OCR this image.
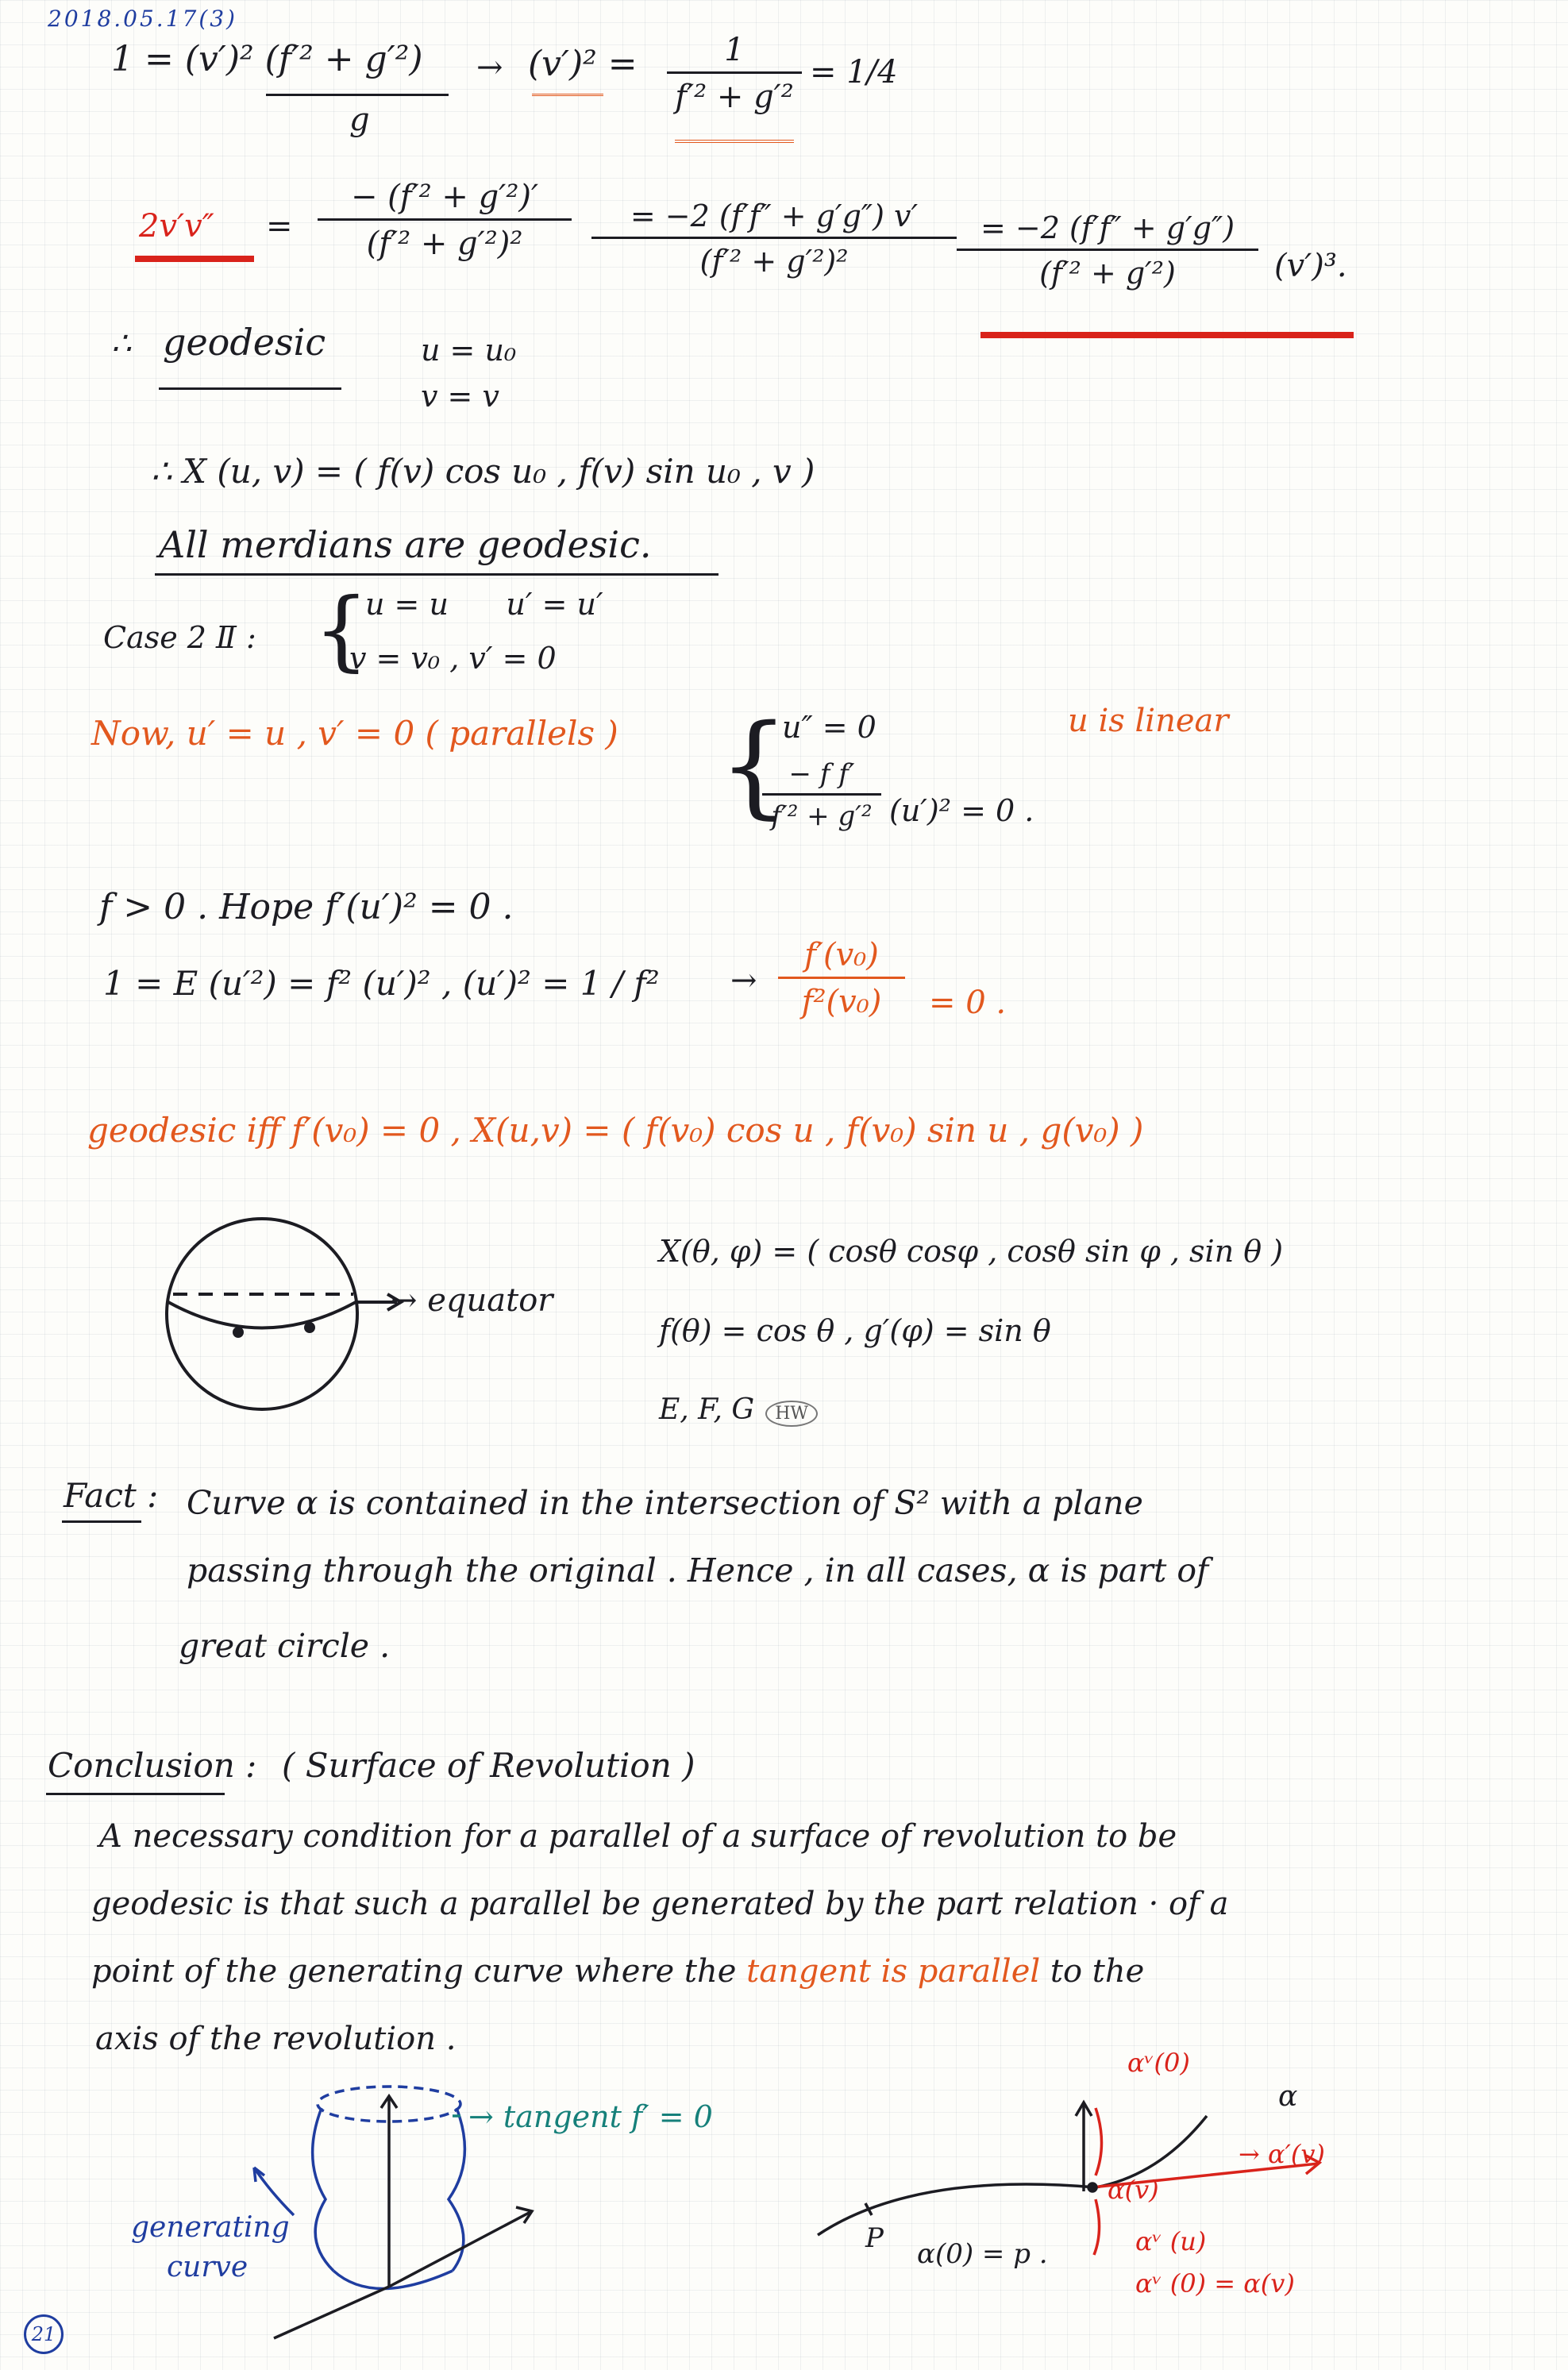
2018.05.17(3)
1 = (v′)² (f′² + g′²)
g
→ $(v')^2 = \frac{1}{\text{f′² + g′²}} = 1/4$
$2v'v'' = \frac{\text{− (f′² + g′²)′}}{\text{(f′² + g′²)²}} \frac{= -2 (f'f'' + g'g'') v'}{\text{(f′² + g′²)²}} \frac{= -2 (f'f'' + g'g'')}{\text{(f′² + g′²)}} (v')^3$.
∴ geodesic	u = u₀
v = v
∴ X (u, v) = ( f(v) cos u₀ , f(v) sin u₀ , v )
All merdians are geodesic.
Case 2 Ⅱ : {
u = u      u′ = u′
v = v₀ , v′ = 0
Now, u′ = u , v′ = 0 ( parallels ) {
u″ = 0
$\frac{\text{− f f′}}{\text{f′² + g′²}} (u')^2 = 0$ .
u is linear
f > 0 . Hope f′(u′)² = 0 .
1 = E (u′²) = f² (u′)² , $(u')^2 = 1 / f^2 \to \frac{\text{f′(v₀)}}{\text{f²(v₀)}} = 0$ .
geodesic iff f′(v₀) = 0 , X(u,v) = ( f(v₀) cos u , f(v₀) sin u , g(v₀) )
→ equator
X(θ, φ) = ( cosθ cosφ , cosθ sin φ , sin θ )
f(θ) = cos θ , g′(φ) = sin θ
E, F, G HW
Fact : Curve α is contained in the intersection of S² with a plane
passing through the original . Hence , in all cases, α is part of
great circle .
Conclusion : ( Surface of Revolution )
A necessary condition for a parallel of a surface of revolution to be
geodesic is that such a parallel be generated by the part relation · of a
point of the generating curve where the tangent is parallel to the
axis of the revolution .
→ tangent f′ = 0
generating
curve
αᵛ(0)
α
→ α′(v)
α(v)
P α(0) = p .	αᵛ (u)
αᵛ (0) = α(v)
21
